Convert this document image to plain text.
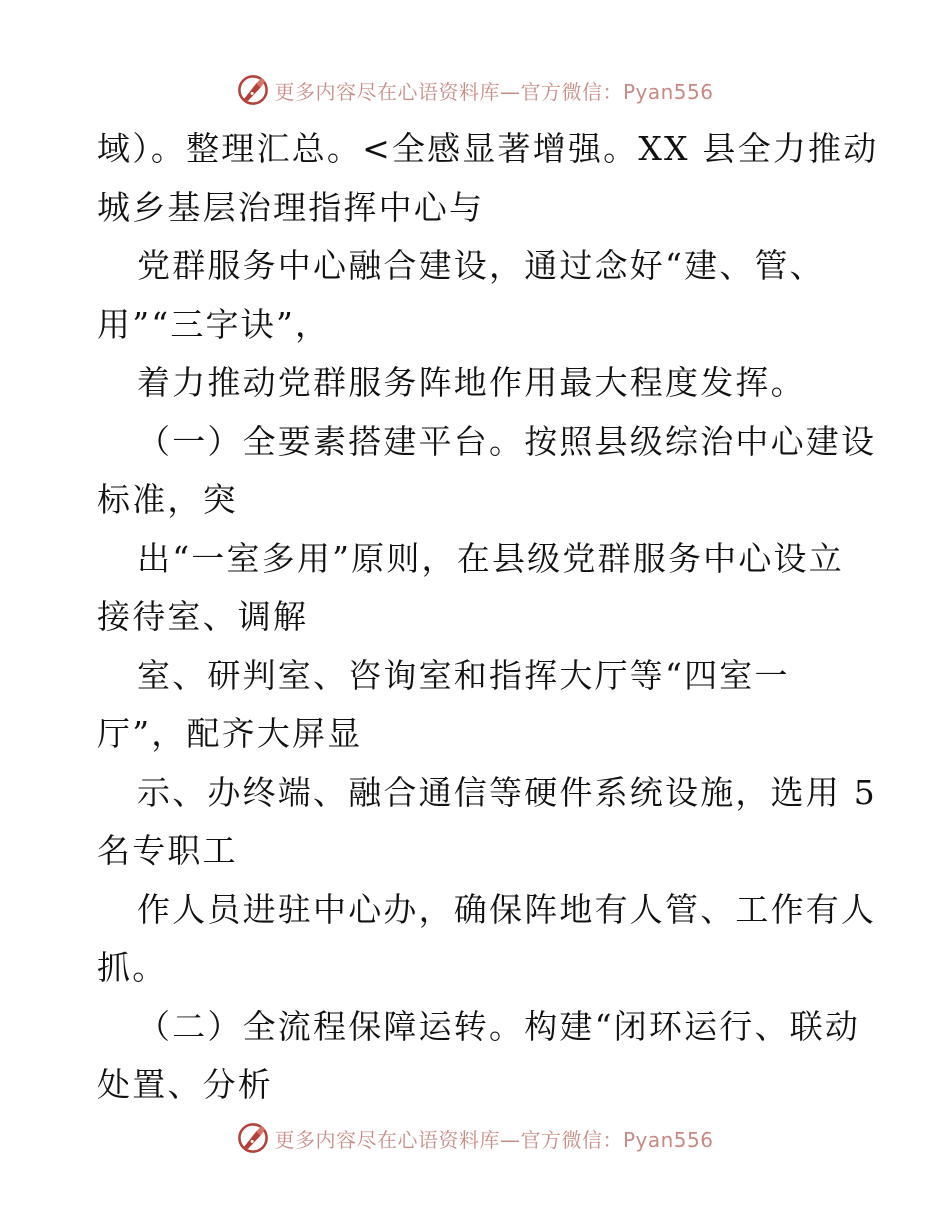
更多内容尽在心语资料库—官方微信：Pyan556
域）。整理汇总。<全感显著增强。XX 县全力推动
城乡基层治理指挥中心与
党群服务中心融合建设，通过念好“建、管、
用”“三字诀”，
着力推动党群服务阵地作用最大程度发挥。
（一）全要素搭建平台。按照县级综治中心建设
标准，突
出“一室多用”原则，在县级党群服务中心设立
接待室、调解
室、研判室、咨询室和指挥大厅等“四室一
厅”，配齐大屏显
示、办终端、融合通信等硬件系统设施，选用 5
名专职工
作人员进驻中心办，确保阵地有人管、工作有人
抓。
（二）全流程保障运转。构建“闭环运行、联动
处置、分析
更多内容尽在心语资料库—官方微信：Pyan556
